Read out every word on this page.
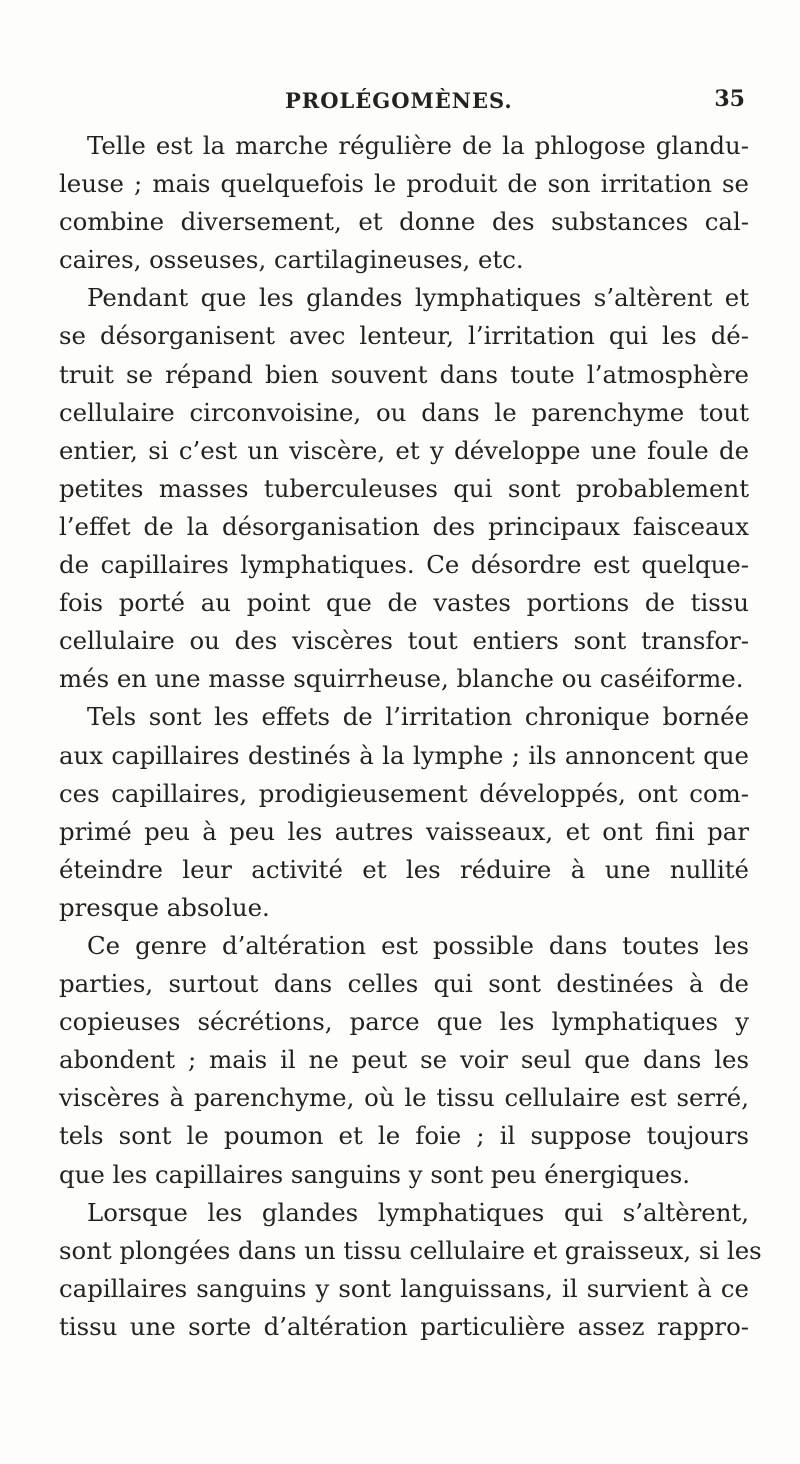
PROLÉGOMÈNES.	35
Telle est la marche régulière de la phlogose glandu-
leuse ; mais quelquefois le produit de son irritation se
combine diversement, et donne des substances cal-
caires, osseuses, cartilagineuses, etc.
Pendant que les glandes lymphatiques s’altèrent et
se désorganisent avec lenteur, l’irritation qui les dé-
truit se répand bien souvent dans toute l’atmosphère
cellulaire circonvoisine, ou dans le parenchyme tout
entier, si c’est un viscère, et y développe une foule de
petites masses tuberculeuses qui sont probablement
l’effet de la désorganisation des principaux faisceaux
de capillaires lymphatiques. Ce désordre est quelque-
fois porté au point que de vastes portions de tissu
cellulaire ou des viscères tout entiers sont transfor-
més en une masse squirrheuse, blanche ou caséiforme.
Tels sont les effets de l’irritation chronique bornée
aux capillaires destinés à la lymphe ; ils annoncent que
ces capillaires, prodigieusement développés, ont com-
primé peu à peu les autres vaisseaux, et ont fini par
éteindre leur activité et les réduire à une nullité
presque absolue.
Ce genre d’altération est possible dans toutes les
parties, surtout dans celles qui sont destinées à de
copieuses sécrétions, parce que les lymphatiques y
abondent ; mais il ne peut se voir seul que dans les
viscères à parenchyme, où le tissu cellulaire est serré,
tels sont le poumon et le foie ; il suppose toujours
que les capillaires sanguins y sont peu énergiques.
Lorsque les glandes lymphatiques qui s’altèrent,
sont plongées dans un tissu cellulaire et graisseux, si les
capillaires sanguins y sont languissans, il survient à ce
tissu une sorte d’altération particulière assez rappro-
